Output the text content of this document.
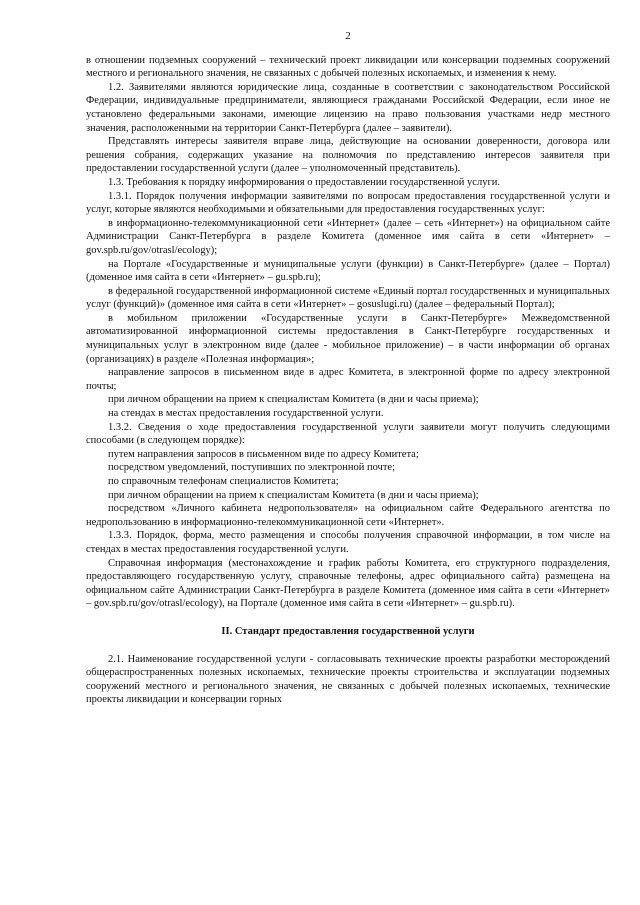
2

в отношении подземных сооружений – технический проект ликвидации или консервации подземных сооружений местного и регионального значения, не связанных с добычей полезных ископаемых, и изменения к нему.

1.2. Заявителями являются юридические лица, созданные в соответствии с законодательством Российской Федерации, индивидуальные предприниматели, являющиеся гражданами Российской Федерации, если иное не установлено федеральными законами, имеющие лицензию на право пользования участками недр местного значения, расположенными на территории Санкт-Петербурга (далее – заявители).

Представлять интересы заявителя вправе лица, действующие на основании доверенности, договора или решения собрания, содержащих указание на полномочия по представлению интересов заявителя при предоставлении государственной услуги (далее – уполномоченный представитель).

1.3. Требования к порядку информирования о предоставлении государственной услуги.

1.3.1. Порядок получения информации заявителями по вопросам предоставления государственной услуги и услуг, которые являются необходимыми и обязательными для предоставления государственных услуг:

в информационно-телекоммуникационной сети «Интернет» (далее – сеть «Интернет») на официальном сайте Администрации Санкт-Петербурга в разделе Комитета (доменное имя сайта в сети «Интернет» – gov.spb.ru/gov/otrasl/ecology);

на Портале «Государственные и муниципальные услуги (функции) в Санкт-Петербурге» (далее – Портал) (доменное имя сайта в сети «Интернет» – gu.spb.ru);

в федеральной государственной информационной системе «Единый портал государственных и муниципальных услуг (функций)» (доменное имя сайта в сети «Интернет» – gosuslugi.ru) (далее – федеральный Портал);

в мобильном приложении «Государственные услуги в Санкт-Петербурге» Межведомственной автоматизированной информационной системы предоставления в Санкт-Петербурге государственных и муниципальных услуг в электронном виде (далее - мобильное приложение) – в части информации об органах (организациях) в разделе «Полезная информация»;

направление запросов в письменном виде в адрес Комитета, в электронной форме по адресу электронной почты;

при личном обращении на прием к специалистам Комитета (в дни и часы приема);

на стендах в местах предоставления государственной услуги.

1.3.2. Сведения о ходе предоставления государственной услуги заявители могут получить следующими способами (в следующем порядке):

путем направления запросов в письменном виде по адресу Комитета;

посредством уведомлений, поступивших по электронной почте;

по справочным телефонам специалистов Комитета;

при личном обращении на прием к специалистам Комитета (в дни и часы приема);

посредством «Личного кабинета недропользователя» на официальном сайте Федерального агентства по недропользованию в информационно-телекоммуникационной сети «Интернет».

1.3.3. Порядок, форма, место размещения и способы получения справочной информации, в том числе на стендах в местах предоставления государственной услуги.

Справочная информация (местонахождение и график работы Комитета, его структурного подразделения, предоставляющего государственную услугу, справочные телефоны, адрес официального сайта) размещена на официальном сайте Администрации Санкт-Петербурга в разделе Комитета (доменное имя сайта в сети «Интернет» – gov.spb.ru/gov/otrasl/ecology), на Портале (доменное имя сайта в сети «Интернет» – gu.spb.ru).

II. Стандарт предоставления государственной услуги

2.1. Наименование государственной услуги - согласовывать технические проекты разработки месторождений общераспространенных полезных ископаемых, технические проекты строительства и эксплуатации подземных сооружений местного и регионального значения, не связанных с добычей полезных ископаемых, технические проекты ликвидации и консервации горных
